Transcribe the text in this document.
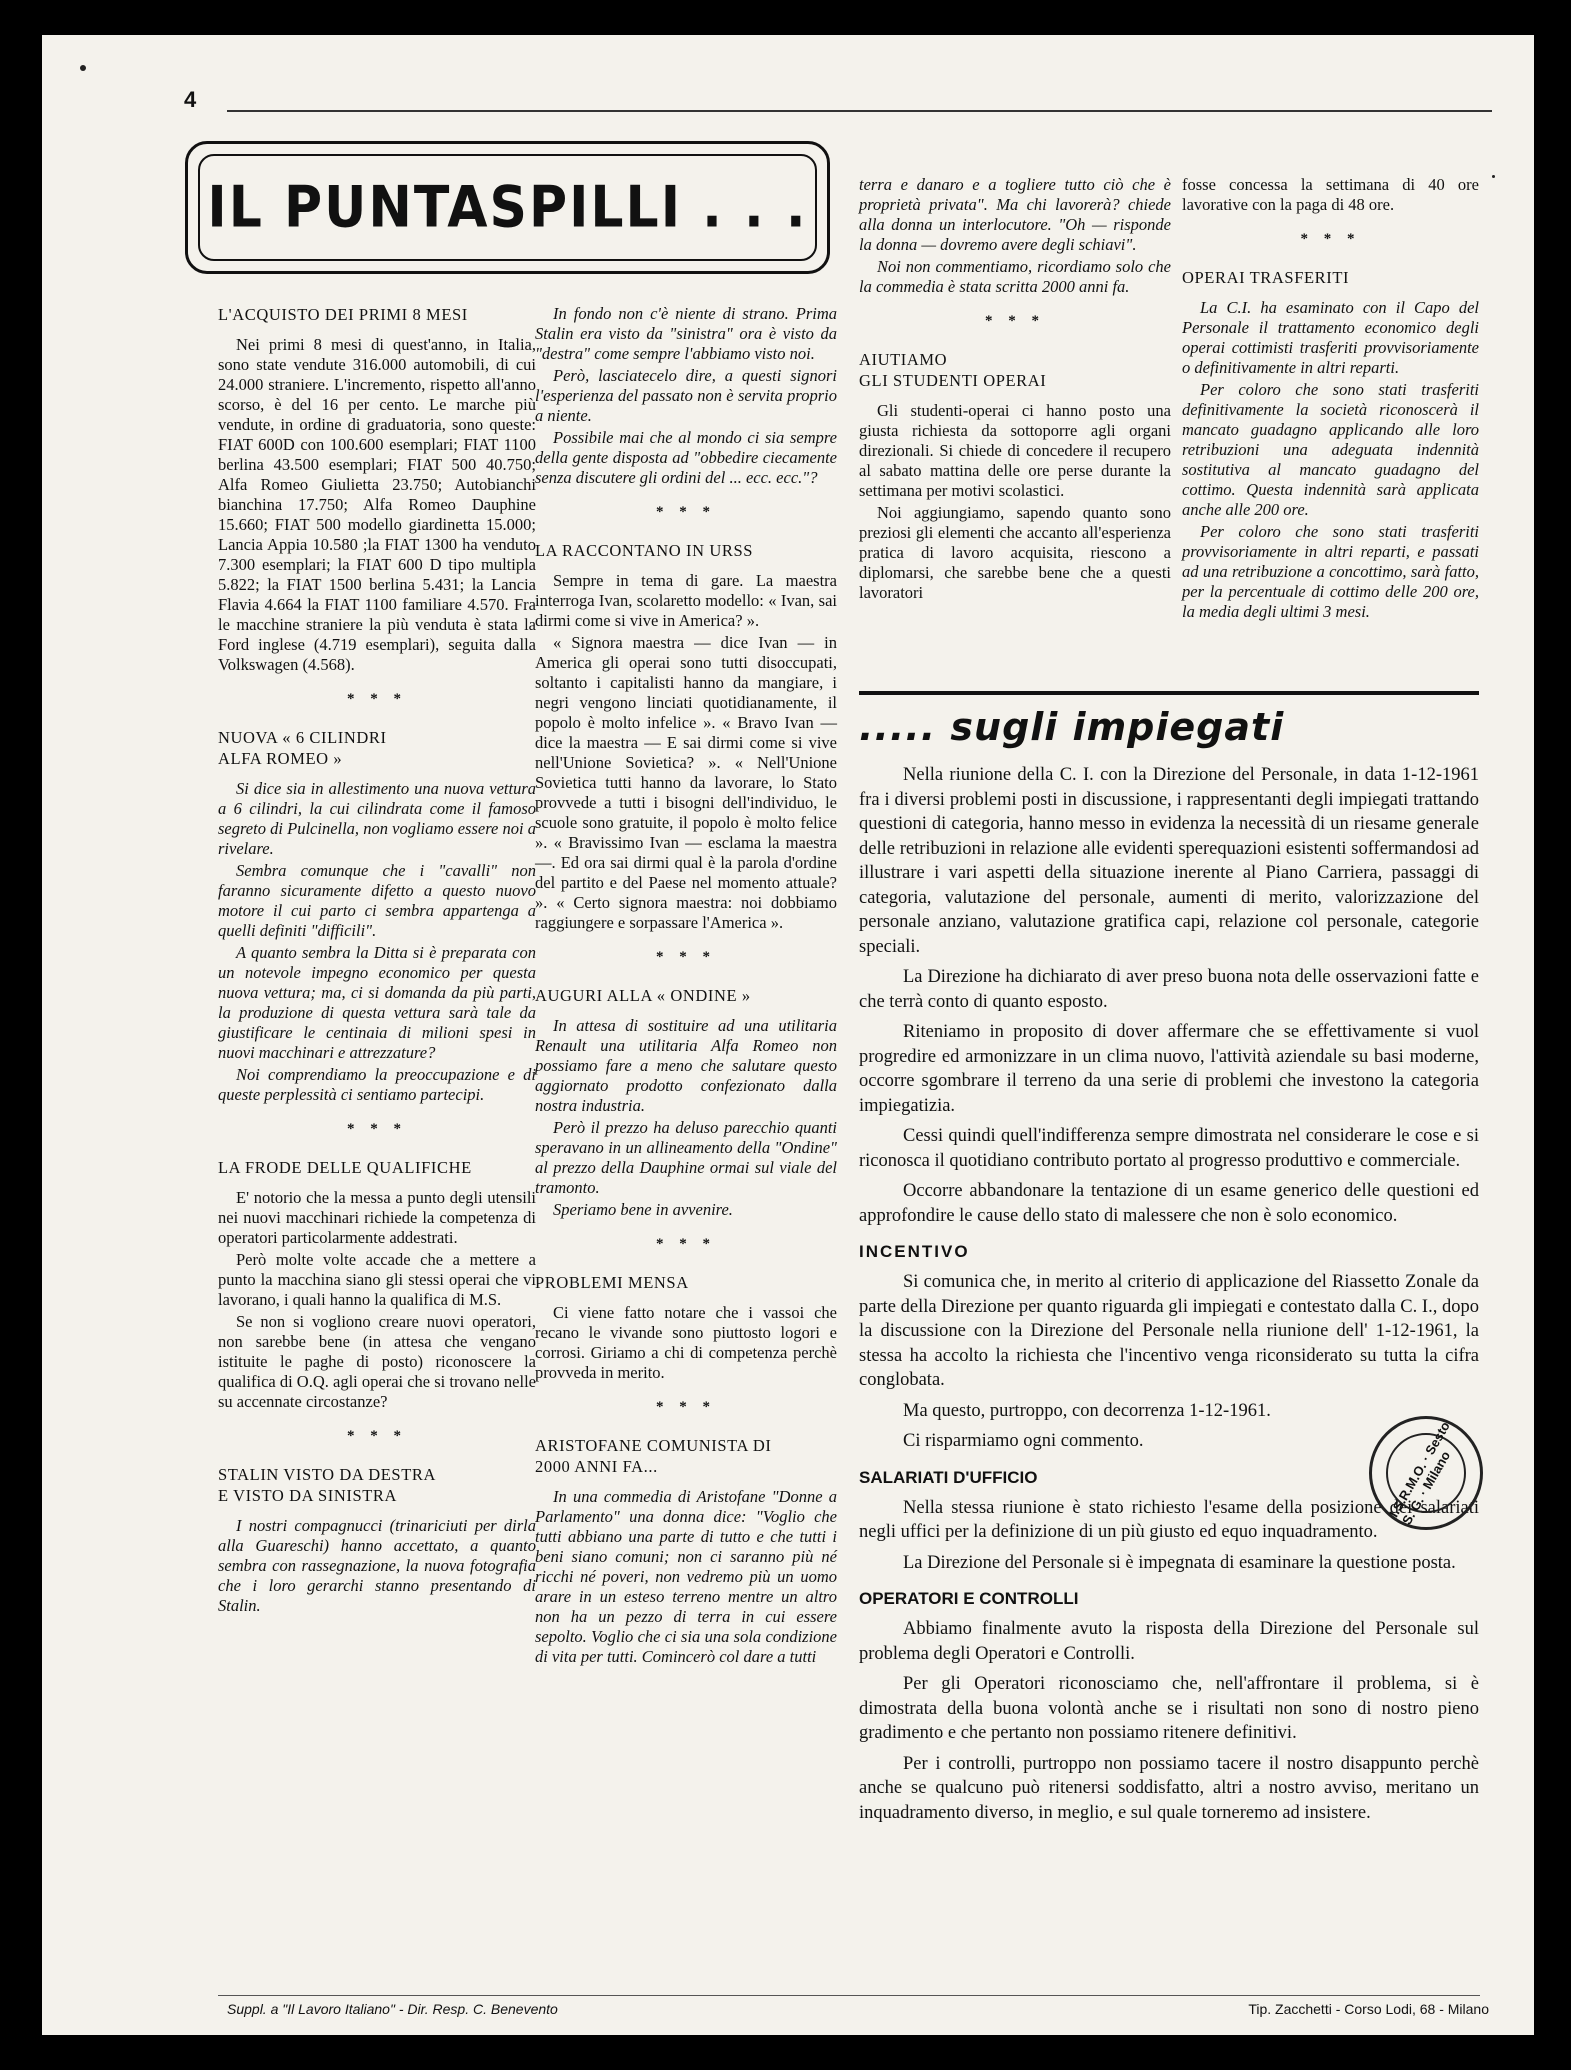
4
IL PUNTASPILLI . . .
L'ACQUISTO DEI PRIMI 8 MESI

Nei primi 8 mesi di quest'anno, in Italia, sono state vendute 316.000 automobili, di cui 24.000 straniere. L'incremento, rispetto all'anno scorso, è del 16 per cento. Le marche più vendute, in ordine di graduatoria, sono queste: FIAT 600D con 100.600 esemplari; FIAT 1100 berlina 43.500 esemplari; FIAT 500 40.750; Alfa Romeo Giulietta 23.750; Autobianchi bianchina 17.750; Alfa Romeo Dauphine 15.660; FIAT 500 modello giardinetta 15.000; Lancia Appia 10.580 ;la FIAT 1300 ha venduto 7.300 esemplari; la FIAT 600 D tipo multipla 5.822; la FIAT 1500 berlina 5.431; la Lancia Flavia 4.664 la FIAT 1100 familiare 4.570. Fra le macchine straniere la più venduta è stata la Ford inglese (4.719 esemplari), seguita dalla Volkswagen (4.568).

* * *
NUOVA « 6 CILINDRI
ALFA ROMEO »

Si dice sia in allestimento una nuova vettura a 6 cilindri, la cui cilindrata come il famoso segreto di Pulcinella, non vogliamo essere noi a rivelare.

Sembra comunque che i "cavalli" non faranno sicuramente difetto a questo nuovo motore il cui parto ci sembra appartenga a quelli definiti "difficili".

A quanto sembra la Ditta si è preparata con un notevole impegno economico per questa nuova vettura; ma, ci si domanda da più parti, la produzione di questa vettura sarà tale da giustificare le centinaia di milioni spesi in nuovi macchinari e attrezzature?

Noi comprendiamo la preoccupazione e di queste perplessità ci sentiamo partecipi.

* * *
LA FRODE DELLE QUALIFICHE

E' notorio che la messa a punto degli utensili nei nuovi macchinari richiede la competenza di operatori particolarmente addestrati.

Però molte volte accade che a mettere a punto la macchina siano gli stessi operai che vi lavorano, i quali hanno la qualifica di M.S.

Se non si vogliono creare nuovi operatori, non sarebbe bene (in attesa che vengano istituite le paghe di posto) riconoscere la qualifica di O.Q. agli operai che si trovano nelle su accennate circostanze?

* * *
STALIN VISTO DA DESTRA
E VISTO DA SINISTRA

I nostri compagnucci (trinariciuti per dirla alla Guareschi) hanno accettato, a quanto sembra con rassegnazione, la nuova fotografia che i loro gerarchi stanno presentando di Stalin.

In fondo non c'è niente di strano. Prima Stalin era visto da "sinistra" ora è visto da "destra" come sempre l'abbiamo visto noi.

Però, lasciatecelo dire, a questi signori l'esperienza del passato non è servita proprio a niente.

Possibile mai che al mondo ci sia sempre della gente disposta ad "obbedire ciecamente senza discutere gli ordini del ... ecc. ecc."?

* * *
LA RACCONTANO IN URSS

Sempre in tema di gare. La maestra interroga Ivan, scolaretto modello: « Ivan, sai dirmi come si vive in America? ».

« Signora maestra — dice Ivan — in America gli operai sono tutti disoccupati, soltanto i capitalisti hanno da mangiare, i negri vengono linciati quotidianamente, il popolo è molto infelice ». « Bravo Ivan — dice la maestra — E sai dirmi come si vive nell'Unione Sovietica? ». « Nell'Unione Sovietica tutti hanno da lavorare, lo Stato provvede a tutti i bisogni dell'individuo, le scuole sono gratuite, il popolo è molto felice ». « Bravissimo Ivan — esclama la maestra —. Ed ora sai dirmi qual è la parola d'ordine del partito e del Paese nel momento attuale? ». « Certo signora maestra: noi dobbiamo raggiungere e sorpassare l'America ».

* * *
AUGURI ALLA « ONDINE »

In attesa di sostituire ad una utilitaria Renault una utilitaria Alfa Romeo non possiamo fare a meno che salutare questo aggiornato prodotto confezionato dalla nostra industria.

Però il prezzo ha deluso parecchio quanti speravano in un allineamento della "Ondine" al prezzo della Dauphine ormai sul viale del tramonto.

Speriamo bene in avvenire.

* * *
PROBLEMI MENSA

Ci viene fatto notare che i vassoi che recano le vivande sono piuttosto logori e corrosi. Giriamo a chi di competenza perchè provveda in merito.

* * *
ARISTOFANE COMUNISTA DI
2000 ANNI FA...

In una commedia di Aristofane "Donne a Parlamento" una donna dice: "Voglio che tutti abbiano una parte di tutto e che tutti i beni siano comuni; non ci saranno più né ricchi né poveri, non vedremo più un uomo arare in un esteso terreno mentre un altro non ha un pezzo di terra in cui essere sepolto. Voglio che ci sia una sola condizione di vita per tutti. Comincerò col dare a tutti

terra e danaro e a togliere tutto ciò che è proprietà privata". Ma chi lavorerà? chiede alla donna un interlocutore. "Oh — risponde la donna — dovremo avere degli schiavi".

Noi non commentiamo, ricordiamo solo che la commedia è stata scritta 2000 anni fa.

* * *
AIUTIAMO
GLI STUDENTI OPERAI

Gli studenti-operai ci hanno posto una giusta richiesta da sottoporre agli organi direzionali. Si chiede di concedere il recupero al sabato mattina delle ore perse durante la settimana per motivi scolastici.

Noi aggiungiamo, sapendo quanto sono preziosi gli elementi che accanto all'esperienza pratica di lavoro acquisita, riescono a diplomarsi, che sarebbe bene che a questi lavoratori

fosse concessa la settimana di 40 ore lavorative con la paga di 48 ore.

* * *
OPERAI TRASFERITI

La C.I. ha esaminato con il Capo del Personale il trattamento economico degli operai cottimisti trasferiti provvisoriamente o definitivamente in altri reparti.

Per coloro che sono stati trasferiti definitivamente la società riconoscerà il mancato guadagno applicando alle loro retribuzioni una adeguata indennità sostitutiva al mancato guadagno del cottimo. Questa indennità sarà applicata anche alle 200 ore.

Per coloro che sono stati trasferiti provvisoriamente in altri reparti, e passati ad una retribuzione a concottimo, sarà fatto, per la percentuale di cottimo delle 200 ore, la media degli ultimi 3 mesi.

..... sugli impiegati

Nella riunione della C. I. con la Direzione del Personale, in data 1-12-1961 fra i diversi problemi posti in discussione, i rappresentanti degli impiegati trattando questioni di categoria, hanno messo in evidenza la necessità di un riesame generale delle retribuzioni in relazione alle evidenti sperequazioni esistenti soffermandosi ad illustrare i vari aspetti della situazione inerente al Piano Carriera, passaggi di categoria, valutazione del personale, aumenti di merito, valorizzazione del personale anziano, valutazione gratifica capi, relazione col personale, categorie speciali.

La Direzione ha dichiarato di aver preso buona nota delle osservazioni fatte e che terrà conto di quanto esposto.

Riteniamo in proposito di dover affermare che se effettivamente si vuol progredire ed armonizzare in un clima nuovo, l'attività aziendale su basi moderne, occorre sgombrare il terreno da una serie di problemi che investono la categoria impiegatizia.

Cessi quindi quell'indifferenza sempre dimostrata nel considerare le cose e si riconosca il quotidiano contributo portato al progresso produttivo e commerciale.

Occorre abbandonare la tentazione di un esame generico delle questioni ed approfondire le cause dello stato di malessere che non è solo economico.

INCENTIVO

Si comunica che, in merito al criterio di applicazione del Riassetto Zonale da parte della Direzione per quanto riguarda gli impiegati e contestato dalla C. I., dopo la discussione con la Direzione del Personale nella riunione dell' 1-12-1961, la stessa ha accolto la richiesta che l'incentivo venga riconsiderato su tutta la cifra conglobata.

Ma questo, purtroppo, con decorrenza 1-12-1961.

Ci risparmiamo ogni commento.

SALARIATI D'UFFICIO

Nella stessa riunione è stato richiesto l'esame della posizione dei salariati negli uffici per la definizione di un più giusto ed equo inquadramento.

La Direzione del Personale si è impegnata di esaminare la questione posta.

OPERATORI E CONTROLLI

Abbiamo finalmente avuto la risposta della Direzione del Personale sul problema degli Operatori e Controlli.

Per gli Operatori riconosciamo che, nell'affrontare il problema, si è dimostrata della buona volontà anche se i risultati non sono di nostro pieno gradimento e che pertanto non possiamo ritenere definitivi.

Per i controlli, purtroppo non possiamo tacere il nostro disappunto perchè anche se qualcuno può ritenersi soddisfatto, altri a nostro avviso, meritano un inquadramento diverso, in meglio, e sul quale torneremo ad insistere.

I.S.R.M.O. · Sesto S. G. · Milano
Suppl. a "Il Lavoro Italiano" - Dir. Resp. C. Benevento	Tip. Zacchetti - Corso Lodi, 68 - Milano
